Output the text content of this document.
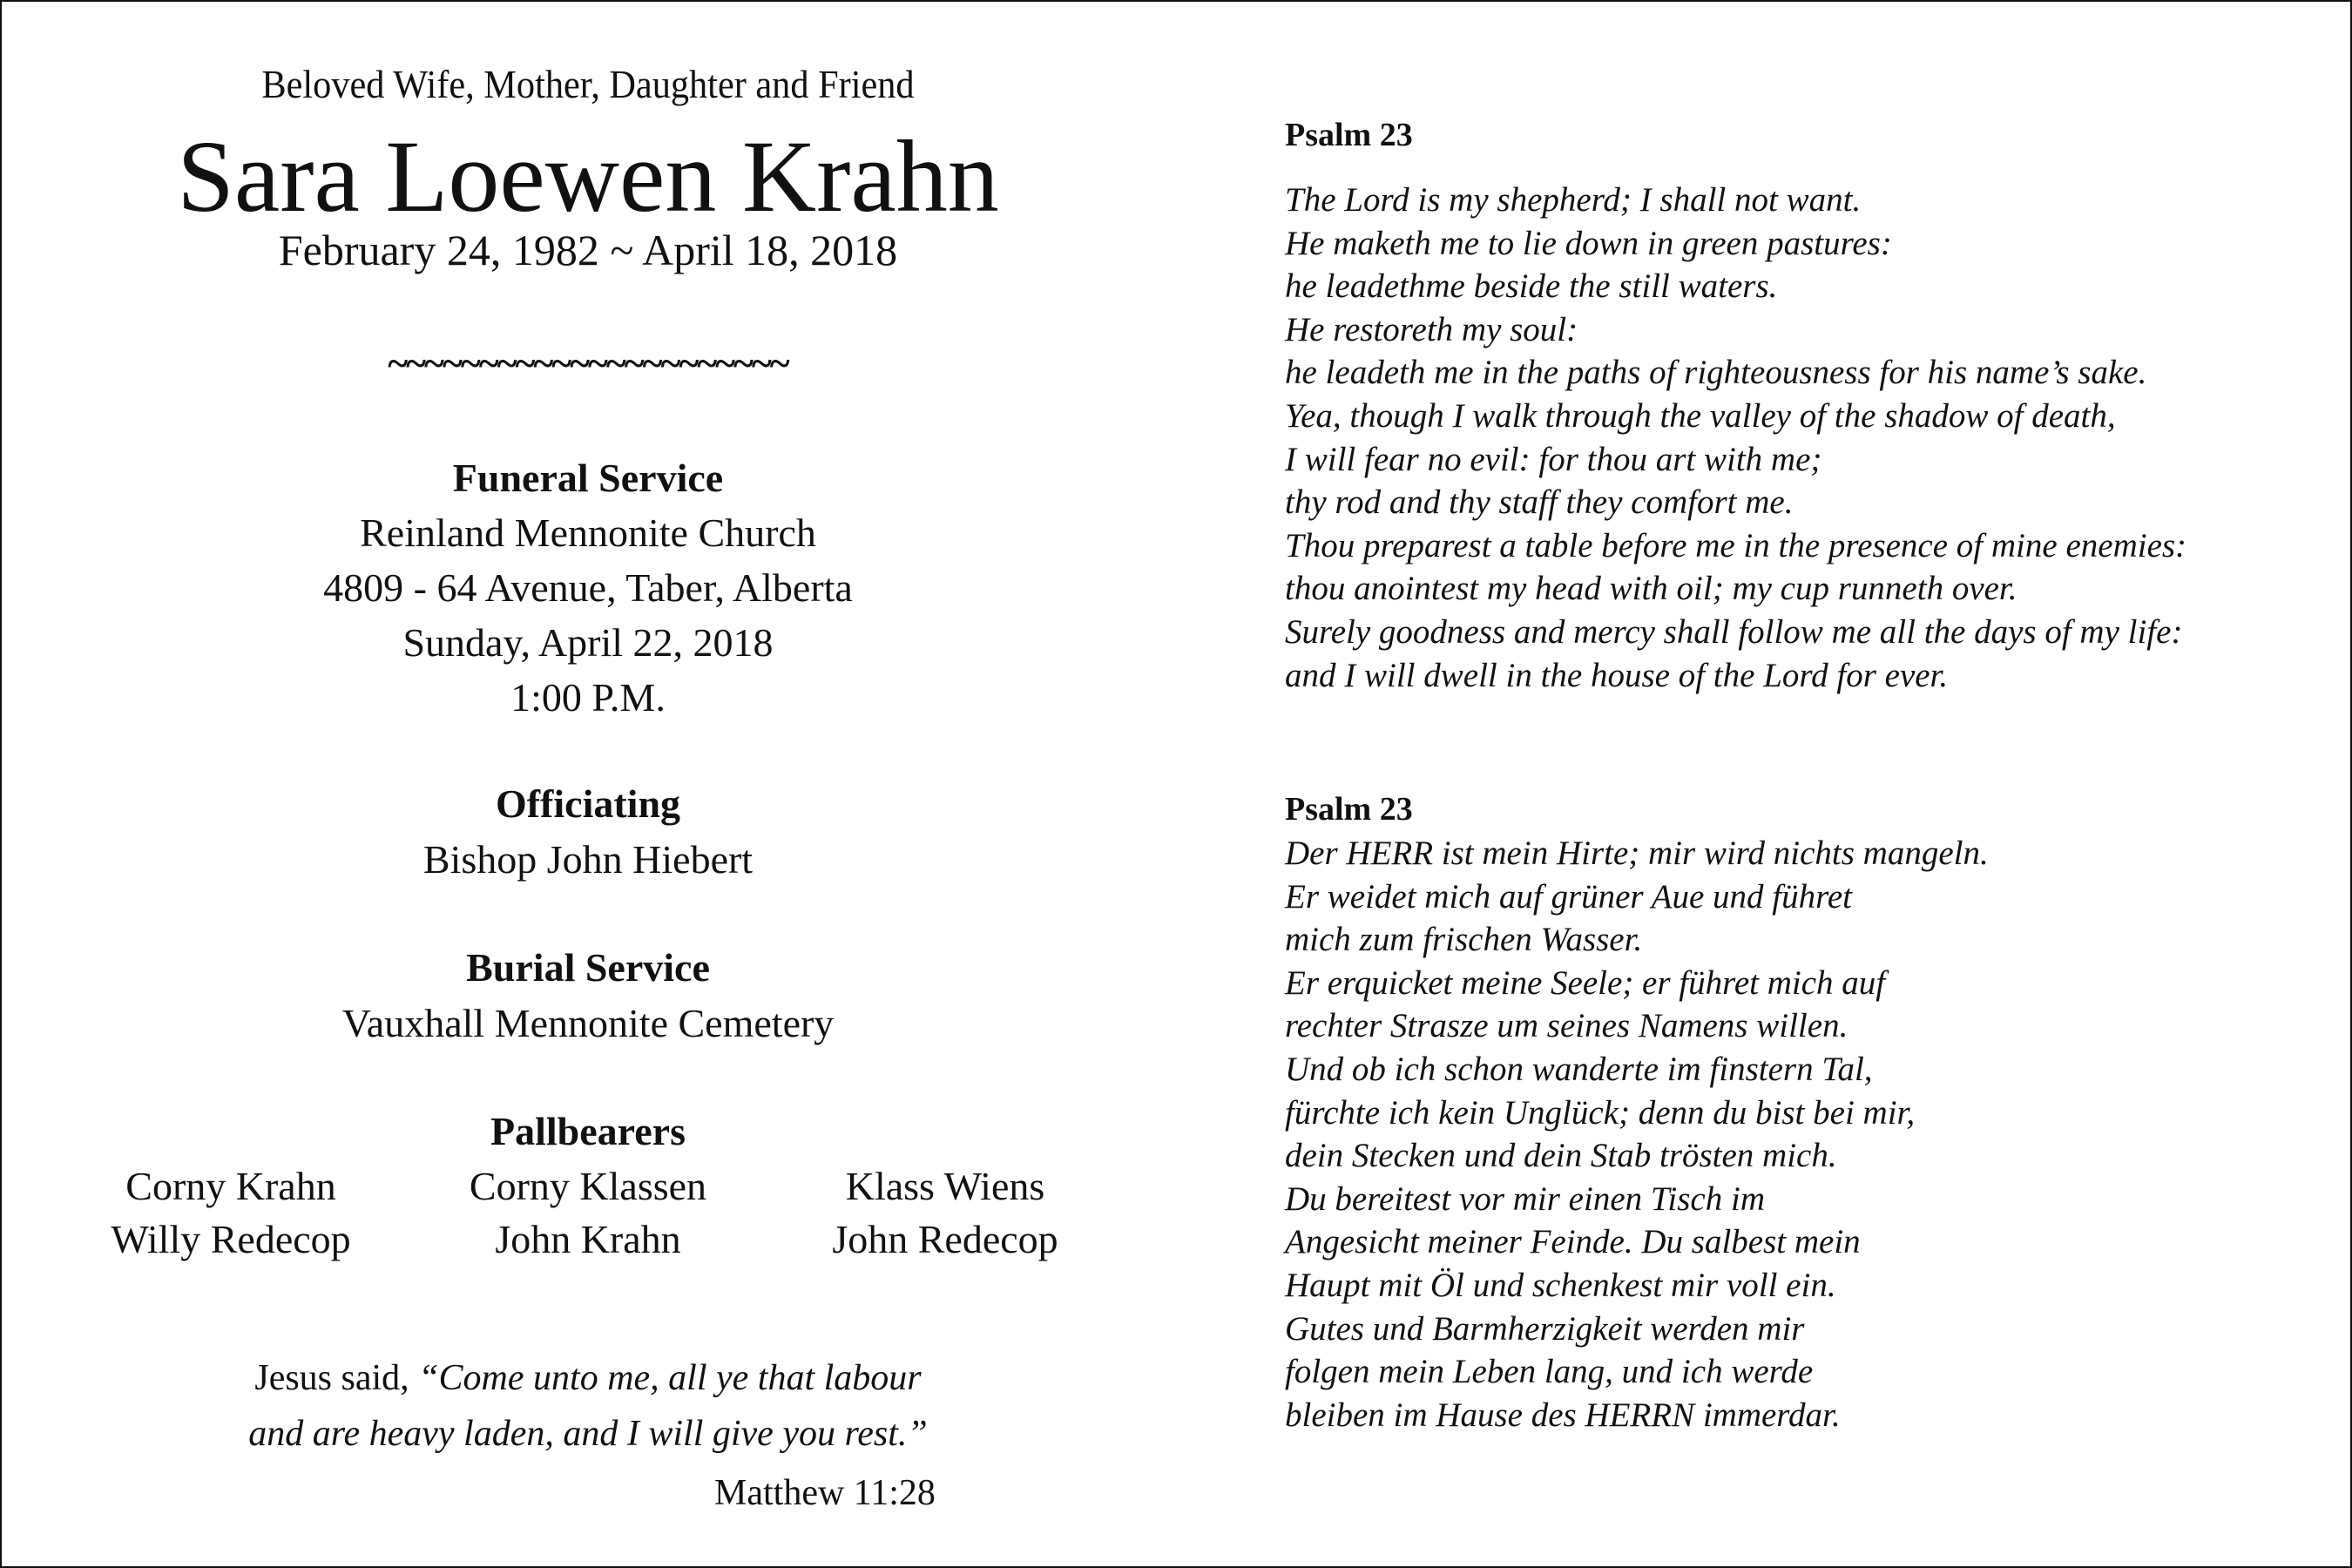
Beloved Wife, Mother, Daughter and Friend
Sara Loewen Krahn
February 24, 1982 ~ April 18, 2018
~~~~~~~~~~~~~~~~~~~~~~
Funeral Service
Reinland Mennonite Church
4809 - 64 Avenue, Taber, Alberta
Sunday, April 22, 2018
1:00 P.M.
Officiating
Bishop John Hiebert
Burial Service
Vauxhall Mennonite Cemetery
Pallbearers
Corny Krahn	Corny Klassen	Klass Wiens
Willy Redecop	John Krahn	John Redecop
Jesus said, “Come unto me, all ye that labour
and are heavy laden, and I will give you rest.”
Matthew 11:28
Psalm 23
The Lord is my shepherd; I shall not want.
He maketh me to lie down in green pastures:
he leadethme beside the still waters.
He restoreth my soul:
he leadeth me in the paths of righteousness for his name’s sake.
Yea, though I walk through the valley of the shadow of death,
I will fear no evil: for thou art with me;
thy rod and thy staff they comfort me.
Thou preparest a table before me in the presence of mine enemies:
thou anointest my head with oil; my cup runneth over.
Surely goodness and mercy shall follow me all the days of my life:
and I will dwell in the house of the Lord for ever.
Psalm 23
Der HERR ist mein Hirte; mir wird nichts mangeln.
Er weidet mich auf grüner Aue und führet
mich zum frischen Wasser.
Er erquicket meine Seele; er führet mich auf
rechter Strasze um seines Namens willen.
Und ob ich schon wanderte im finstern Tal,
fürchte ich kein Unglück; denn du bist bei mir,
dein Stecken und dein Stab trösten mich.
Du bereitest vor mir einen Tisch im
Angesicht meiner Feinde. Du salbest mein
Haupt mit Öl und schenkest mir voll ein.
Gutes und Barmherzigkeit werden mir
folgen mein Leben lang, und ich werde
bleiben im Hause des HERRN immerdar.
